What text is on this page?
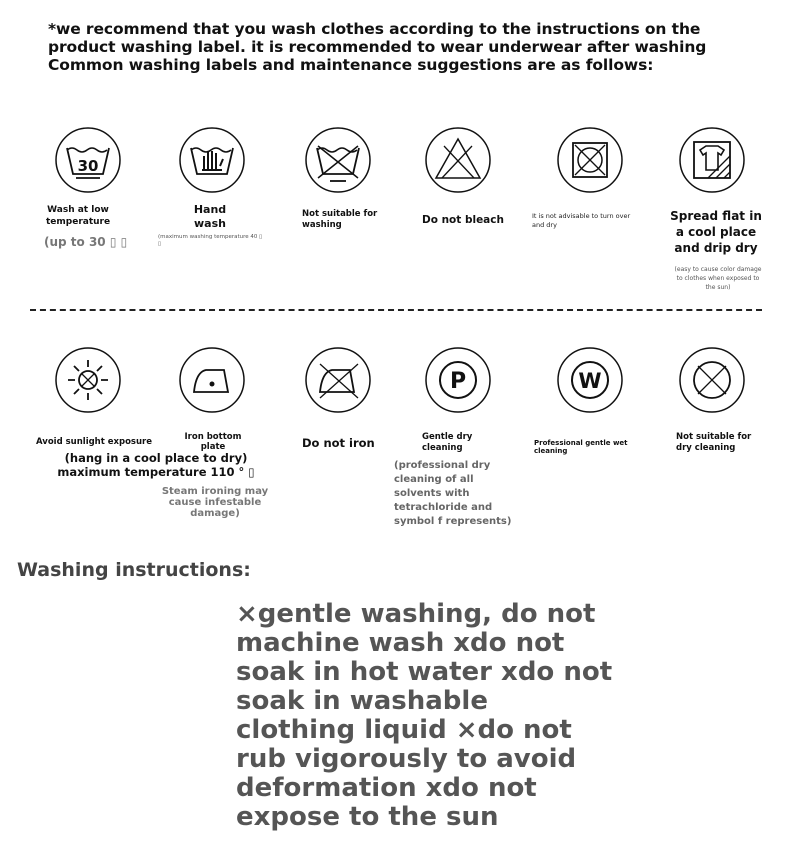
*we recommend that you wash clothes according to the instructions on the product washing label. it is recommended to wear underwear after washing Common washing labels and maintenance suggestions are as follows:
30
Wash at low temperature
(up to 30 ▯ ▯
Hand wash
(maximum washing temperature 40 ▯ ▯
Not suitable for washing	Do not bleach	It is not advisable to turn over and dry
Spread flat in a cool place and drip dry
(easy to cause color damage to clothes when exposed to the sun)
Avoid sunlight exposure
(hang in a cool place to dry) maximum temperature 110 ° ▯
Iron bottom plate
Steam ironing may cause infestable damage)
Do not iron
P
Gentle dry cleaning
(professional dry cleaning of all solvents with tetrachloride and symbol f represents)
W
Professional gentle wet cleaning
Not suitable for dry cleaning
Washing instructions:
×gentle washing, do not machine wash xdo not soak in hot water xdo not soak in washable clothing liquid ×do not rub vigorously to avoid deformation xdo not expose to the sun
